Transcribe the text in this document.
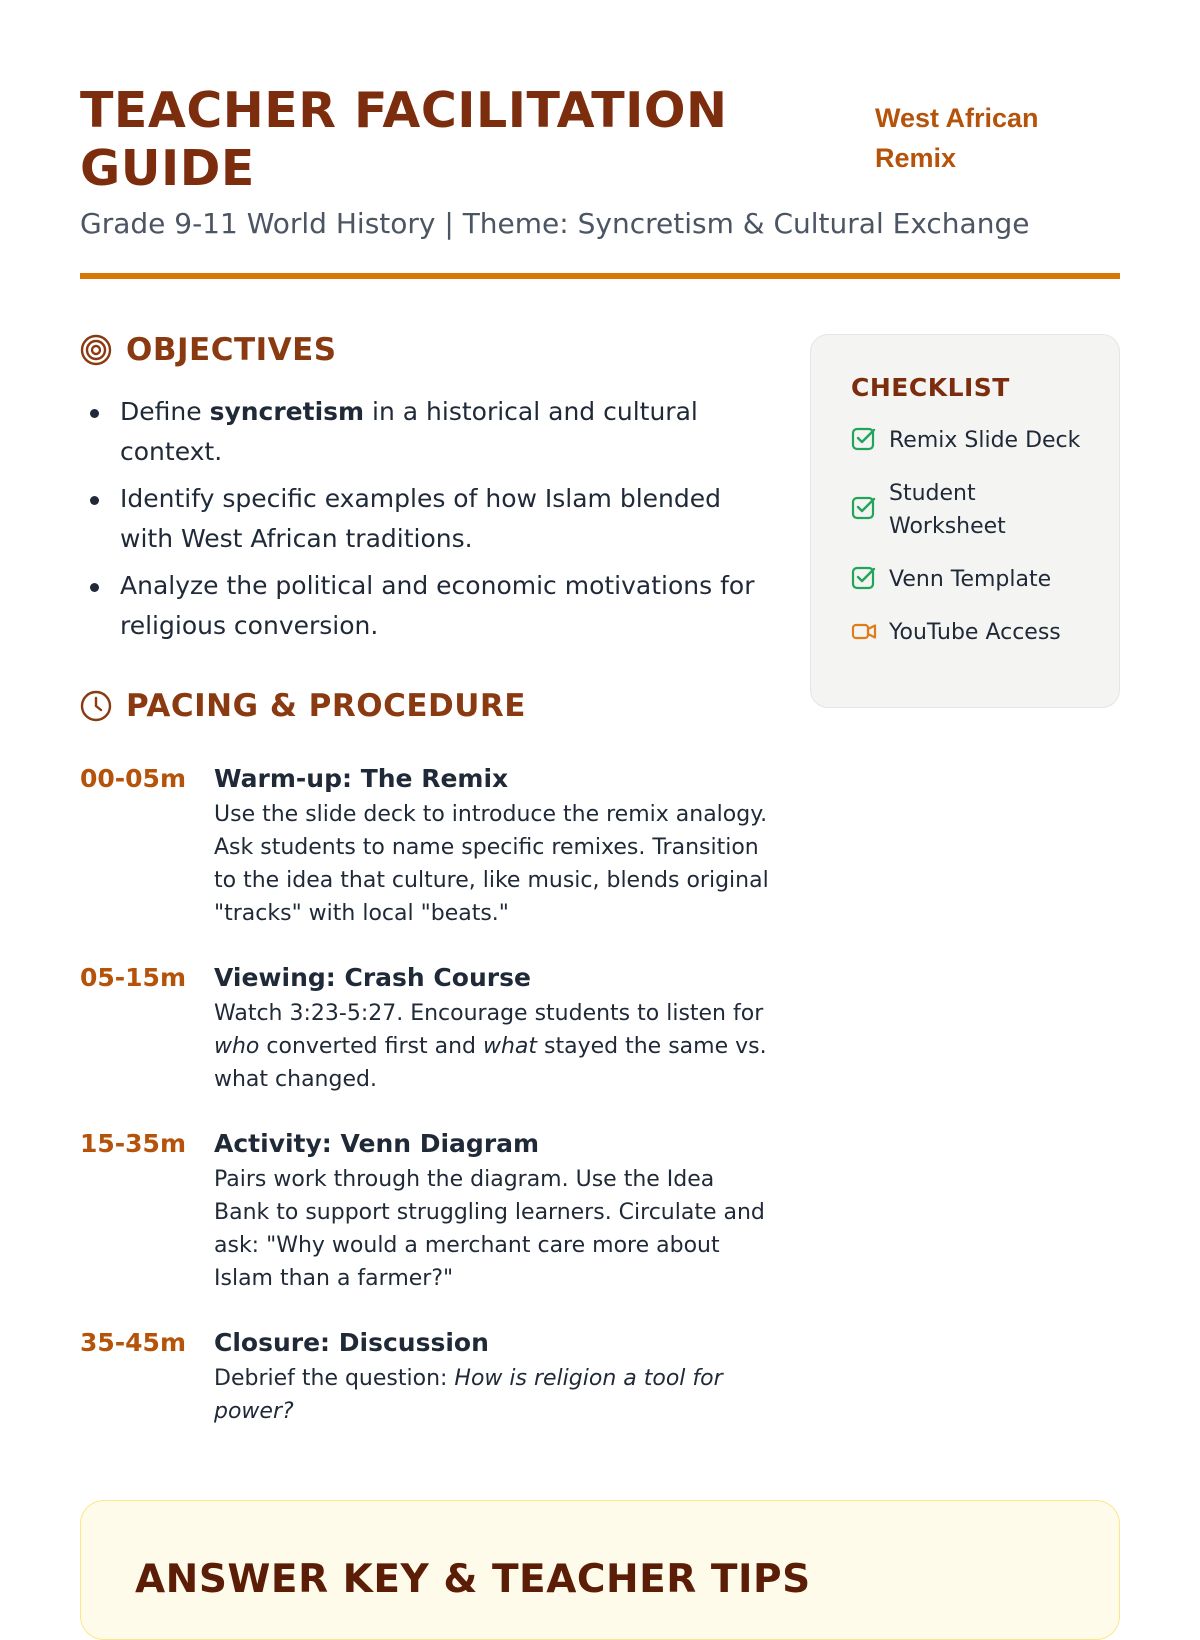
TEACHER FACILITATION GUIDE
West African Remix
Grade 9-11 World History | Theme: Syncretism & Cultural Exchange
OBJECTIVES
Define syncretism in a historical and cultural context.
Identify specific examples of how Islam blended with West African traditions.
Analyze the political and economic motivations for religious conversion.
PACING & PROCEDURE
00-05m	Warm-up: The Remix
Use the slide deck to introduce the remix analogy. Ask students to name specific remixes. Transition to the idea that culture, like music, blends original "tracks" with local "beats."
05-15m	Viewing: Crash Course
Watch 3:23-5:27. Encourage students to listen for who converted first and what stayed the same vs. what changed.
15-35m	Activity: Venn Diagram
Pairs work through the diagram. Use the Idea Bank to support struggling learners. Circulate and ask: "Why would a merchant care more about Islam than a farmer?"
35-45m	Closure: Discussion
Debrief the question: How is religion a tool for power?
CHECKLIST
Remix Slide Deck
Student Worksheet
Venn Template
YouTube Access
ANSWER KEY & TEACHER TIPS
